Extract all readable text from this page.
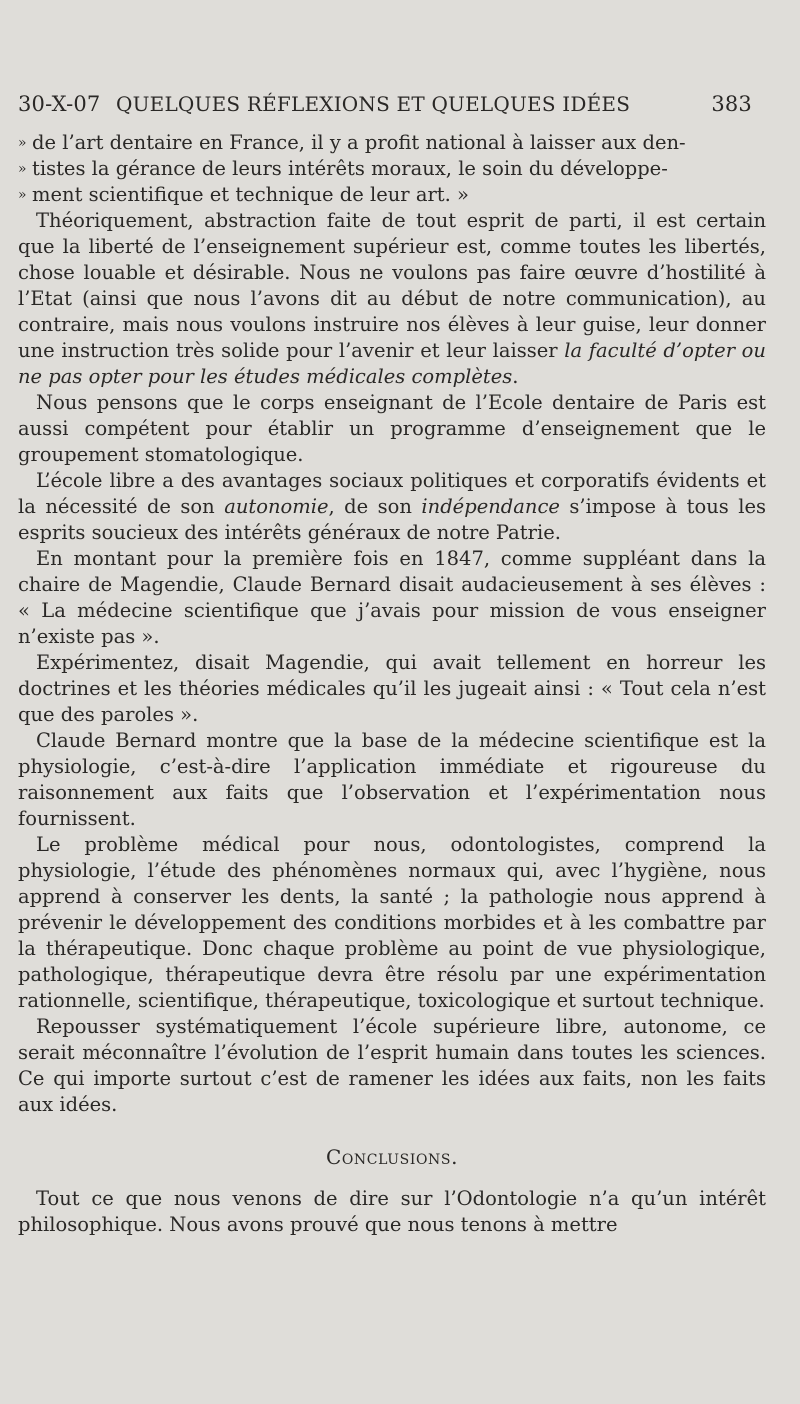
30-X-07 QUELQUES RÉFLEXIONS ET QUELQUES IDÉES	383

» de l’art dentaire en France, il y a profit national à laisser aux den-

» tistes la gérance de leurs intérêts moraux, le soin du développe-

» ment scientifique et technique de leur art. »

Théoriquement, abstraction faite de tout esprit de parti, il est certain que la liberté de l’enseignement supérieur est, comme toutes les libertés, chose louable et désirable. Nous ne voulons pas faire œuvre d’hostilité à l’Etat (ainsi que nous l’avons dit au début de notre communication), au contraire, mais nous voulons instruire nos élèves à leur guise, leur donner une instruction très solide pour l’avenir et leur laisser la faculté d’opter ou ne pas opter pour les études médicales complètes.

Nous pensons que le corps enseignant de l’Ecole dentaire de Paris est aussi compétent pour établir un programme d’enseignement que le groupement stomatologique.

L’école libre a des avantages sociaux politiques et corporatifs évidents et la nécessité de son autonomie, de son indépendance s’impose à tous les esprits soucieux des intérêts généraux de notre Patrie.

En montant pour la première fois en 1847, comme suppléant dans la chaire de Magendie, Claude Bernard disait audacieusement à ses élèves : « La médecine scientifique que j’avais pour mission de vous enseigner n’existe pas ».

Expérimentez, disait Magendie, qui avait tellement en horreur les doctrines et les théories médicales qu’il les jugeait ainsi : « Tout cela n’est que des paroles ».

Claude Bernard montre que la base de la médecine scientifique est la physiologie, c’est-à-dire l’application immédiate et rigoureuse du raisonnement aux faits que l’observation et l’expérimentation nous fournissent.

Le problème médical pour nous, odontologistes, comprend la physiologie, l’étude des phénomènes normaux qui, avec l’hygiène, nous apprend à conserver les dents, la santé ; la pathologie nous apprend à prévenir le développement des conditions morbides et à les combattre par la thérapeutique. Donc chaque problème au point de vue physiologique, pathologique, thérapeutique devra être résolu par une expérimentation rationnelle, scientifique, thérapeutique, toxicologique et surtout technique.

Repousser systématiquement l’école supérieure libre, autonome, ce serait méconnaître l’évolution de l’esprit humain dans toutes les sciences. Ce qui importe surtout c’est de ramener les idées aux faits, non les faits aux idées.

Conclusions.

Tout ce que nous venons de dire sur l’Odontologie n’a qu’un intérêt philosophique. Nous avons prouvé que nous tenons à mettre
